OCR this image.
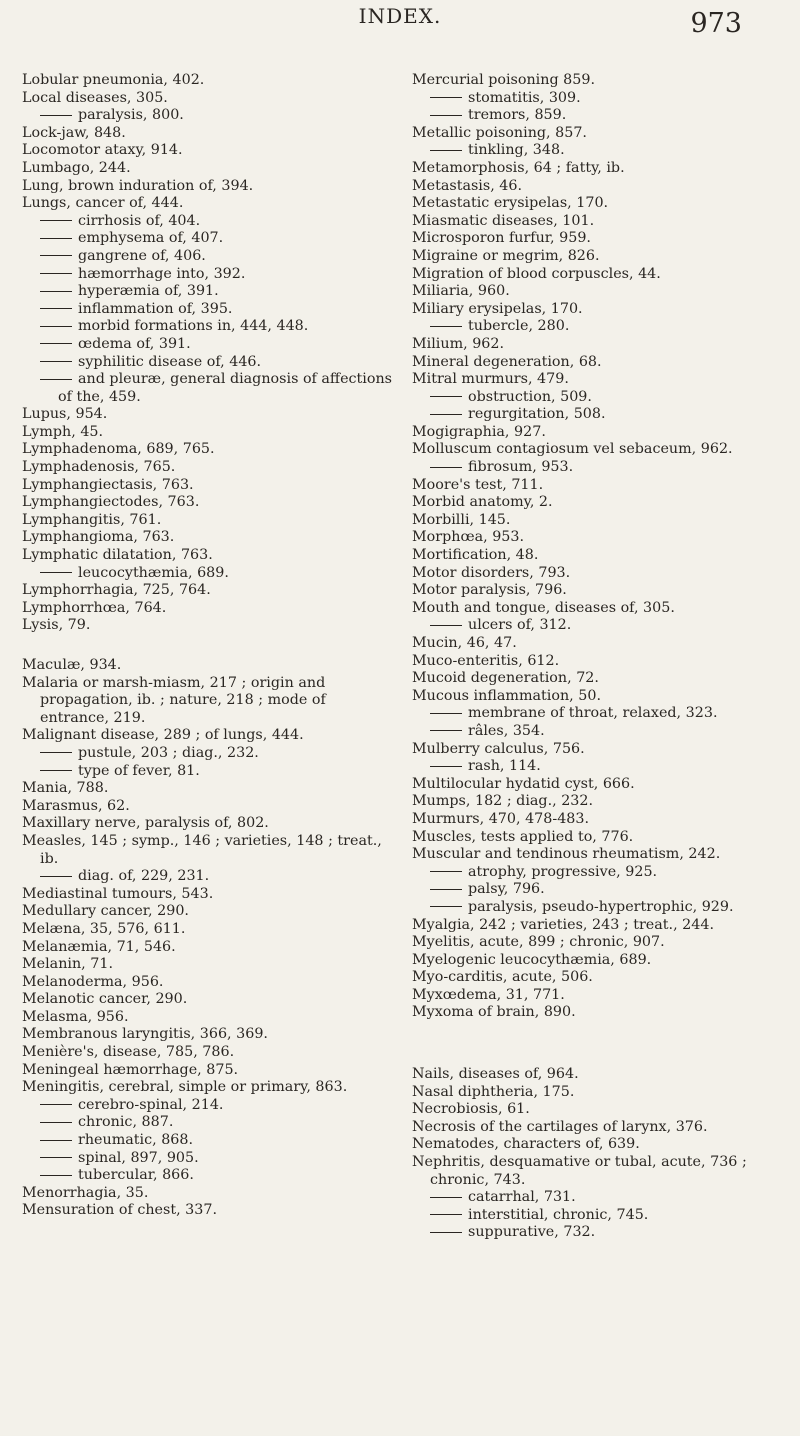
INDEX.	973
Lobular pneumonia, 402.
Local diseases, 305.
paralysis, 800.
Lock-jaw, 848.
Locomotor ataxy, 914.
Lumbago, 244.
Lung, brown induration of, 394.
Lungs, cancer of, 444.
cirrhosis of, 404.
emphysema of, 407.
gangrene of, 406.
hæmorrhage into, 392.
hyperæmia of, 391.
inflammation of, 395.
morbid formations in, 444, 448.
œdema of, 391.
syphilitic disease of, 446.
and pleuræ, general diagnosis of affections of the, 459.
Lupus, 954.
Lymph, 45.
Lymphadenoma, 689, 765.
Lymphadenosis, 765.
Lymphangiectasis, 763.
Lymphangiectodes, 763.
Lymphangitis, 761.
Lymphangioma, 763.
Lymphatic dilatation, 763.
leucocythæmia, 689.
Lymphorrhagia, 725, 764.
Lymphorrhœa, 764.
Lysis, 79.
Maculæ, 934.
Malaria or marsh-miasm, 217 ; origin and propagation, ib. ; nature, 218 ; mode of entrance, 219.
Malignant disease, 289 ; of lungs, 444.
pustule, 203 ; diag., 232.
type of fever, 81.
Mania, 788.
Marasmus, 62.
Maxillary nerve, paralysis of, 802.
Measles, 145 ; symp., 146 ; varieties, 148 ; treat., ib.
diag. of, 229, 231.
Mediastinal tumours, 543.
Medullary cancer, 290.
Melæna, 35, 576, 611.
Melanæmia, 71, 546.
Melanin, 71.
Melanoderma, 956.
Melanotic cancer, 290.
Melasma, 956.
Membranous laryngitis, 366, 369.
Menière's, disease, 785, 786.
Meningeal hæmorrhage, 875.
Meningitis, cerebral, simple or primary, 863.
cerebro-spinal, 214.
chronic, 887.
rheumatic, 868.
spinal, 897, 905.
tubercular, 866.
Menorrhagia, 35.
Mensuration of chest, 337.
Mercurial poisoning 859.
stomatitis, 309.
tremors, 859.
Metallic poisoning, 857.
tinkling, 348.
Metamorphosis, 64 ; fatty, ib.
Metastasis, 46.
Metastatic erysipelas, 170.
Miasmatic diseases, 101.
Microsporon furfur, 959.
Migraine or megrim, 826.
Migration of blood corpuscles, 44.
Miliaria, 960.
Miliary erysipelas, 170.
tubercle, 280.
Milium, 962.
Mineral degeneration, 68.
Mitral murmurs, 479.
obstruction, 509.
regurgitation, 508.
Mogigraphia, 927.
Molluscum contagiosum vel sebaceum, 962.
fibrosum, 953.
Moore's test, 711.
Morbid anatomy, 2.
Morbilli, 145.
Morphœa, 953.
Mortification, 48.
Motor disorders, 793.
Motor paralysis, 796.
Mouth and tongue, diseases of, 305.
ulcers of, 312.
Mucin, 46, 47.
Muco-enteritis, 612.
Mucoid degeneration, 72.
Mucous inflammation, 50.
membrane of throat, relaxed, 323.
râles, 354.
Mulberry calculus, 756.
rash, 114.
Multilocular hydatid cyst, 666.
Mumps, 182 ; diag., 232.
Murmurs, 470, 478-483.
Muscles, tests applied to, 776.
Muscular and tendinous rheumatism, 242.
atrophy, progressive, 925.
palsy, 796.
paralysis, pseudo-hypertrophic, 929.
Myalgia, 242 ; varieties, 243 ; treat., 244.
Myelitis, acute, 899 ; chronic, 907.
Myelogenic leucocythæmia, 689.
Myo-carditis, acute, 506.
Myxœdema, 31, 771.
Myxoma of brain, 890.
Nails, diseases of, 964.
Nasal diphtheria, 175.
Necrobiosis, 61.
Necrosis of the cartilages of larynx, 376.
Nematodes, characters of, 639.
Nephritis, desquamative or tubal, acute, 736 ; chronic, 743.
catarrhal, 731.
interstitial, chronic, 745.
suppurative, 732.
